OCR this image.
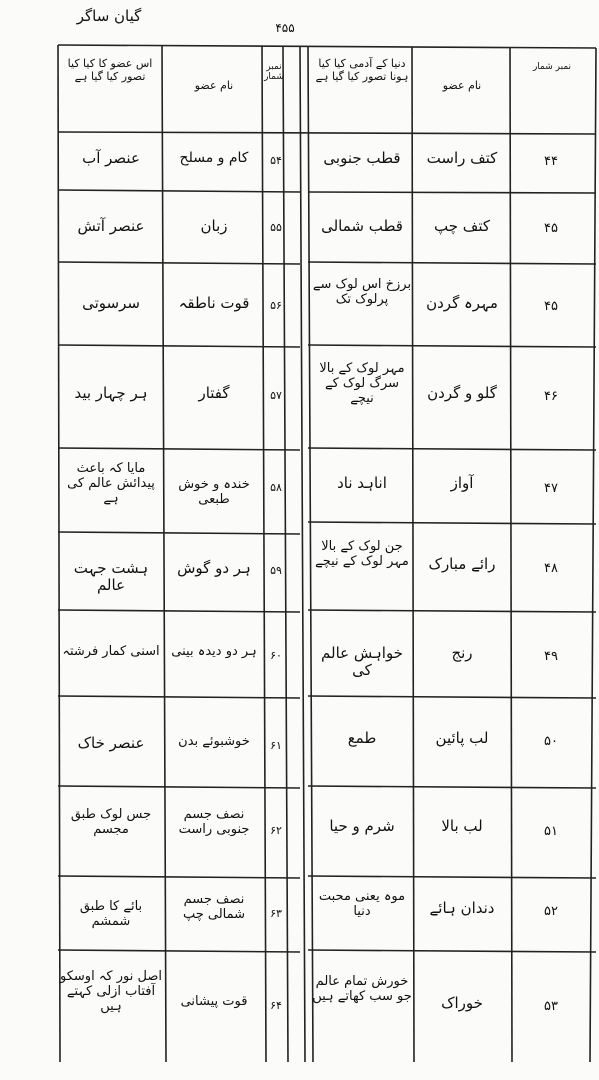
گیان ساگر
۴۵۵
اس عضو کا کیا کیا تصور کیا گیا ہے
نام عضو
نمبر شمار
دنیا کے آدمی کیا کیا ہونا تصور کیا گیا ہے
نام عضو
نمبر شمار
۴۴
کتف راست
قطب جنوبی
۴۵
کتف چپ
قطب شمالی
۴۵
مہرہ گردن
برزخ اس لوک سے پرلوک تک
۴۶
گلو و گردن
مہر لوک کے بالا سرگ لوک کے نیچے
۴۷
آواز
اناہد ناد
۴۸
رائے مبارک
جن لوک کے بالا مہر لوک کے نیچے
۴۹
رنج
خواہش عالم کی
۵۰
لب پائین
طمع
۵۱
لب بالا
شرم و حیا
۵۲
دندان ہائے
موہ یعنی محبت دنیا
۵۳
خوراک
خورش تمام عالم جو سب کھاتے ہیں
۵۴
کام و مسلح
عنصر آب
۵۵
زبان
عنصر آتش
۵۶
قوت ناطقہ
سرسوتی
۵۷
گفتار
ہر چہار بید
۵۸
خندہ و خوش طبعی
مایا کہ باعث پیدائش عالم کی ہے
۵۹
ہر دو گوش
ہشت جہت عالم
۶۰
ہر دو دیدہ بینی
اسنی کمار فرشتہ
۶۱
خوشبوئے بدن
عنصر خاک
۶۲
نصف جسم جنوبی راست
جس لوک طبق مجسم
۶۳
نصف جسم شمالی چپ
بائے کا طبق شمشم
۶۴
قوت پیشانی
اصل نور کہ اوسکو آفتاب ازلی کہتے ہیں
